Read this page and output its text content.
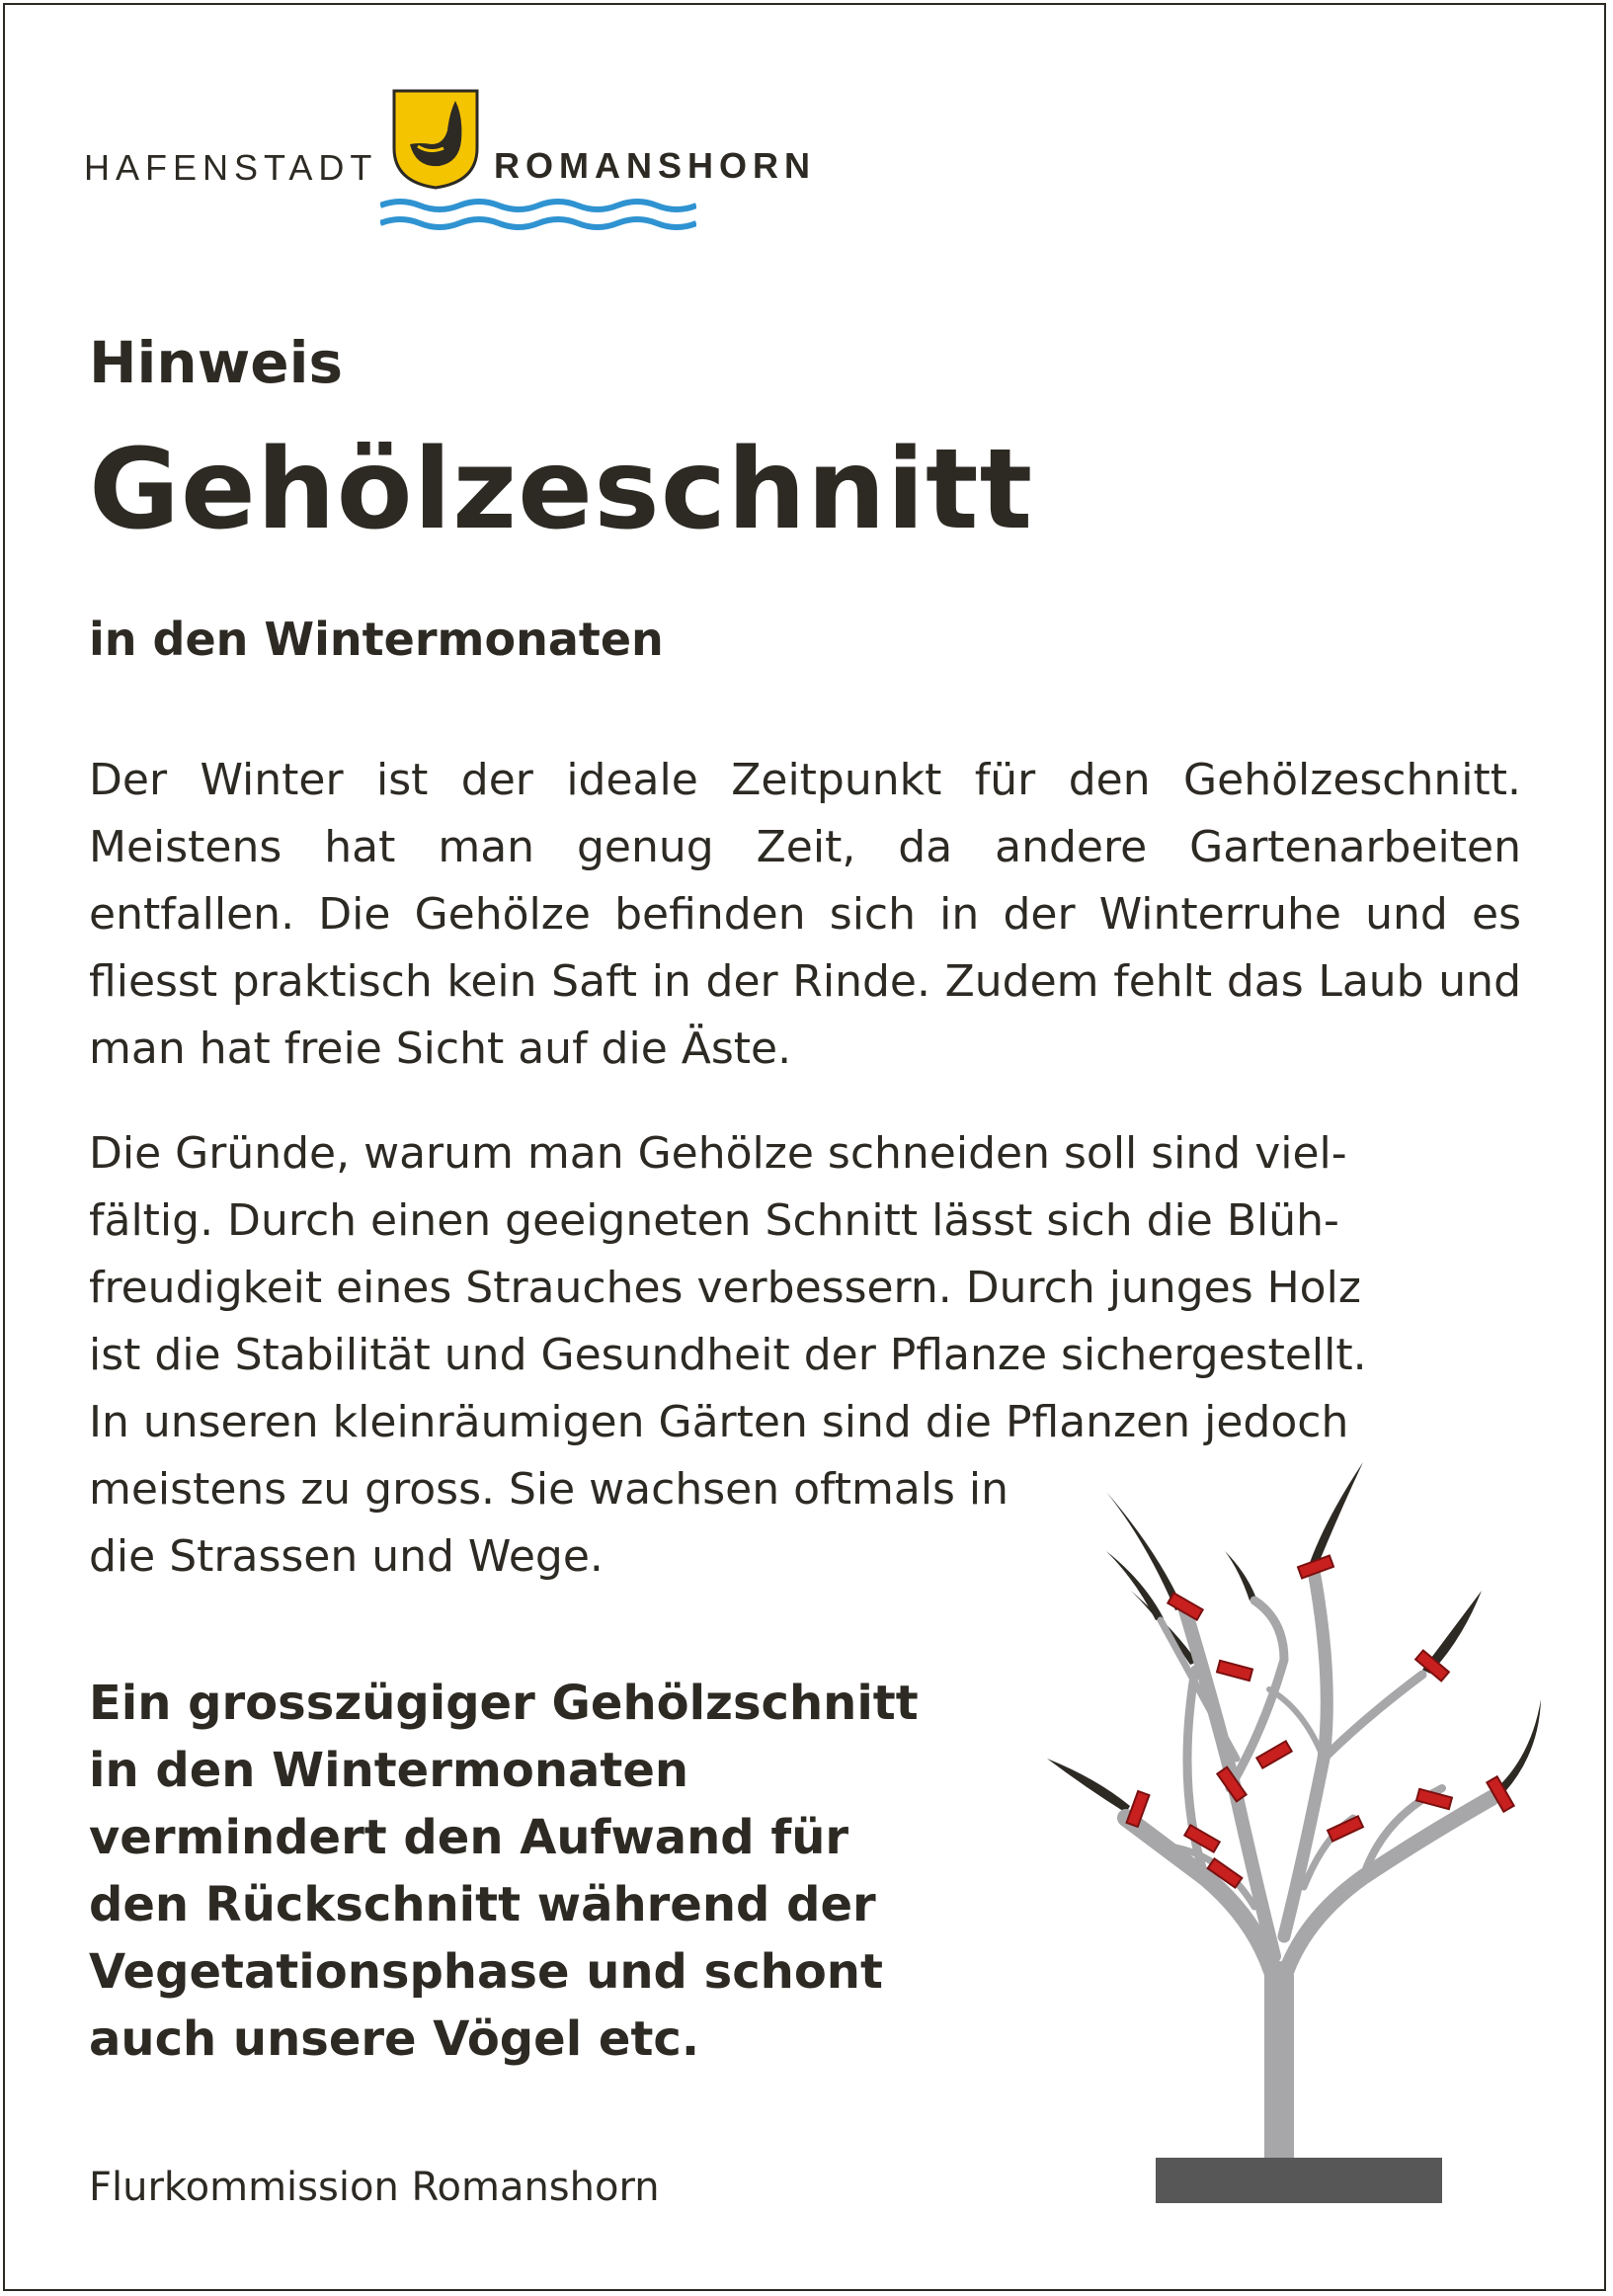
HAFENSTADT	ROMANSHORN
Hinweis
Gehölzeschnitt
in den Wintermonaten

Der Winter ist der ideale Zeitpunkt für den Gehölzeschnitt. Meistens hat man genug Zeit, da andere Gartenarbeiten entfallen. Die Gehölze befinden sich in der Winterruhe und es fliesst praktisch kein Saft in der Rinde. Zudem fehlt das Laub und man hat freie Sicht auf die Äste.

Die Gründe, warum man Gehölze schneiden soll sind viel-
fältig. Durch einen geeigneten Schnitt lässt sich die Blüh-
freudigkeit eines Strauches verbessern. Durch junges Holz
ist die Stabilität und Gesundheit der Pflanze sichergestellt.
In unseren kleinräumigen Gärten sind die Pflanzen jedoch
meistens zu gross. Sie wachsen oftmals in
die Strassen und Wege.
Ein grosszügiger Gehölzschnitt
in den Wintermonaten
vermindert den Aufwand für
den Rückschnitt während der
Vegetationsphase und schont
auch unsere Vögel etc.

Flurkommission Romanshorn
